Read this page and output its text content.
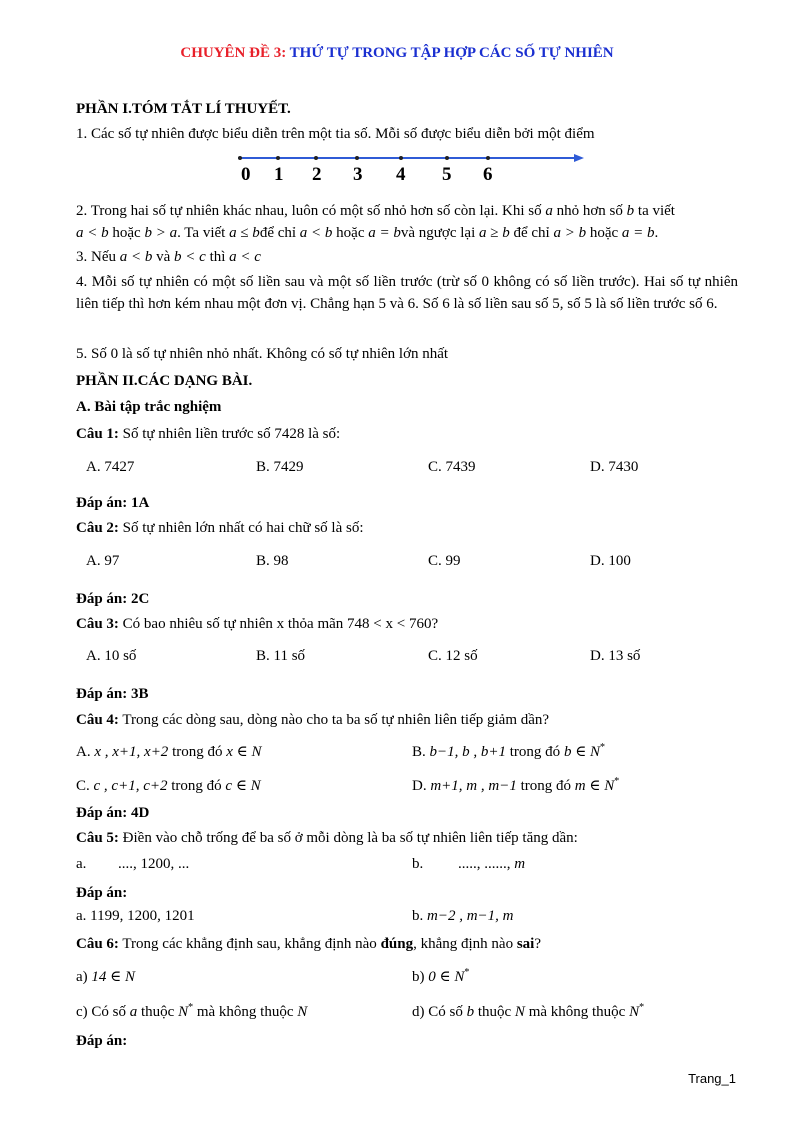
CHUYÊN ĐỀ 3: THỨ TỰ TRONG TẬP HỢP CÁC SỐ TỰ NHIÊN
PHẦN I.TÓM TẮT LÍ THUYẾT.
1. Các số tự nhiên được biểu diễn trên một tia số. Mỗi số được biểu diễn bởi một điểm
0 1 2 3 4 5 6
2. Trong hai số tự nhiên khác nhau, luôn có một số nhỏ hơn số còn lại. Khi số a nhỏ hơn số b ta viết
a < b hoặc b > a. Ta viết a ≤ bđể chỉ a < b hoặc a = bvà ngược lại a ≥ b để chỉ a > b hoặc a = b.
3. Nếu a < b và b < c thì a < c
4. Mỗi số tự nhiên có một số liền sau và một số liền trước (trừ số 0 không có số liền trước). Hai số tự nhiên liên tiếp thì hơn kém nhau một đơn vị. Chẳng hạn 5 và 6. Số 6 là số liền sau số 5, số 5 là số liền trước số 6.
5. Số 0 là số tự nhiên nhỏ nhất. Không có số tự nhiên lớn nhất
PHẦN II.CÁC DẠNG BÀI.
A. Bài tập trắc nghiệm
Câu 1: Số tự nhiên liền trước số 7428 là số:
A. 7427	B. 7429	C. 7439	D. 7430
Đáp án: 1A
Câu 2: Số tự nhiên lớn nhất có hai chữ số là số:
A. 97	B. 98	C. 99	D. 100
Đáp án: 2C
Câu 3: Có bao nhiêu số tự nhiên x thỏa mãn 748 < x < 760?
A. 10 số	B. 11 số	C. 12 số	D. 13 số
Đáp án: 3B
Câu 4: Trong các dòng sau, dòng nào cho ta ba số tự nhiên liên tiếp giảm dần?
A. x , x+1, x+2 trong đó x ∈ N	B. b−1, b , b+1 trong đó b ∈ N*
C. c , c+1, c+2 trong đó c ∈ N	D. m+1, m , m−1 trong đó m ∈ N*
Đáp án: 4D
Câu 5: Điền vào chỗ trống để ba số ở mỗi dòng là ba số tự nhiên liên tiếp tăng dần:
a. ...., 1200, ...	b. ....., ......, m
Đáp án:
a. 1199, 1200, 1201	b. m−2 , m−1, m
Câu 6: Trong các khẳng định sau, khẳng định nào đúng, khẳng định nào sai?
a) 14 ∈ N	b) 0 ∈ N*
c) Có số a thuộc N* mà không thuộc N	d) Có số b thuộc N mà không thuộc N*
Đáp án:
Trang_1
